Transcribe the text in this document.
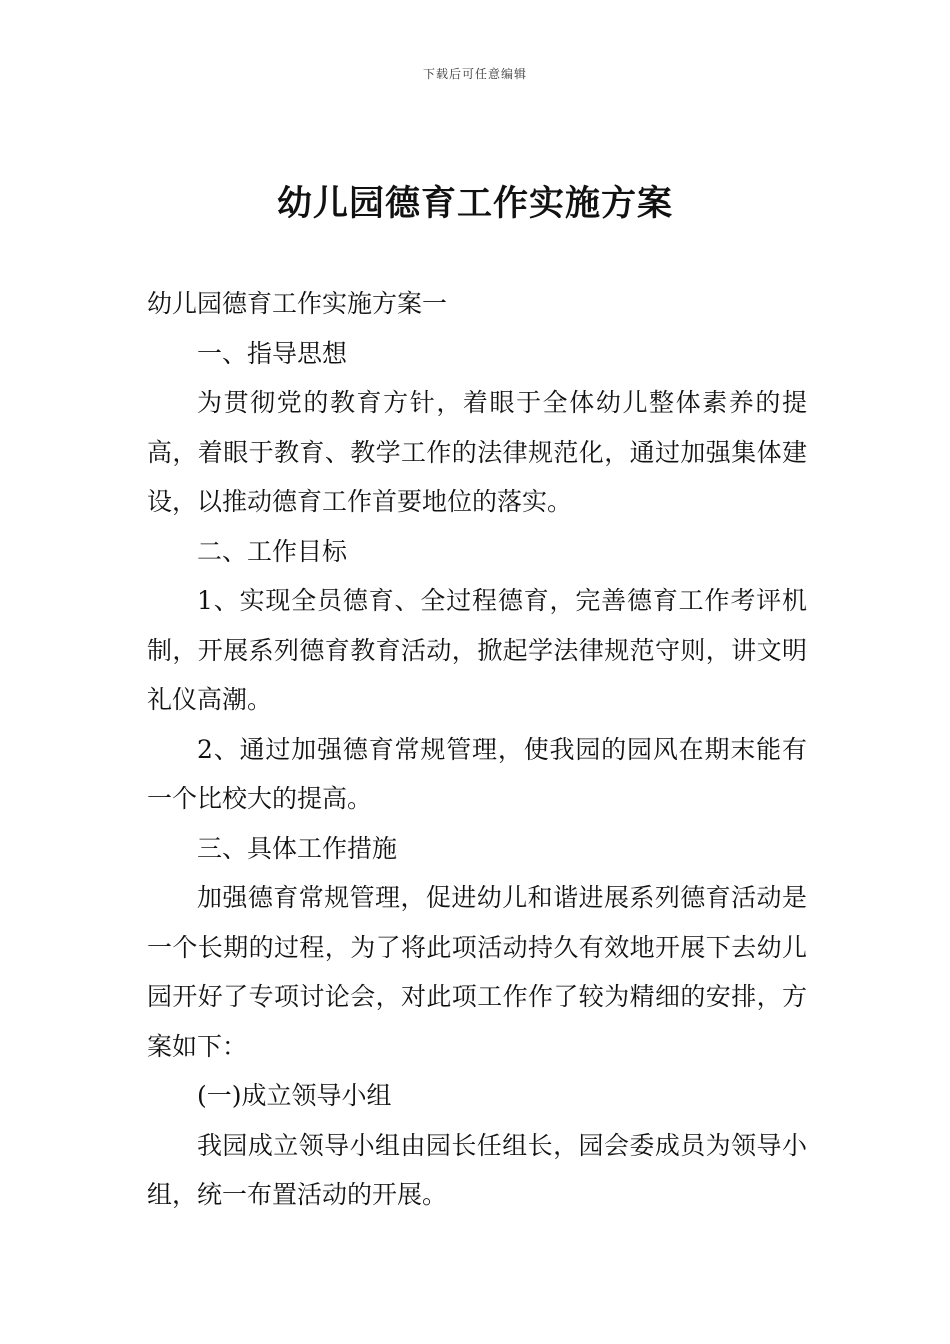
下载后可任意编辑
幼儿园德育工作实施方案

幼儿园德育工作实施方案一

一、指导思想

为贯彻党的教育方针，着眼于全体幼儿整体素养的提高，着眼于教育、教学工作的法律规范化，通过加强集体建设，以推动德育工作首要地位的落实。

二、工作目标

1、实现全员德育、全过程德育，完善德育工作考评机制，开展系列德育教育活动，掀起学法律规范守则，讲文明礼仪高潮。

2、通过加强德育常规管理，使我园的园风在期末能有一个比校大的提高。

三、具体工作措施

加强德育常规管理，促进幼儿和谐进展系列德育活动是一个长期的过程，为了将此项活动持久有效地开展下去幼儿园开好了专项讨论会，对此项工作作了较为精细的安排，方案如下：

(一)成立领导小组

我园成立领导小组由园长任组长，园会委成员为领导小组，统一布置活动的开展。
